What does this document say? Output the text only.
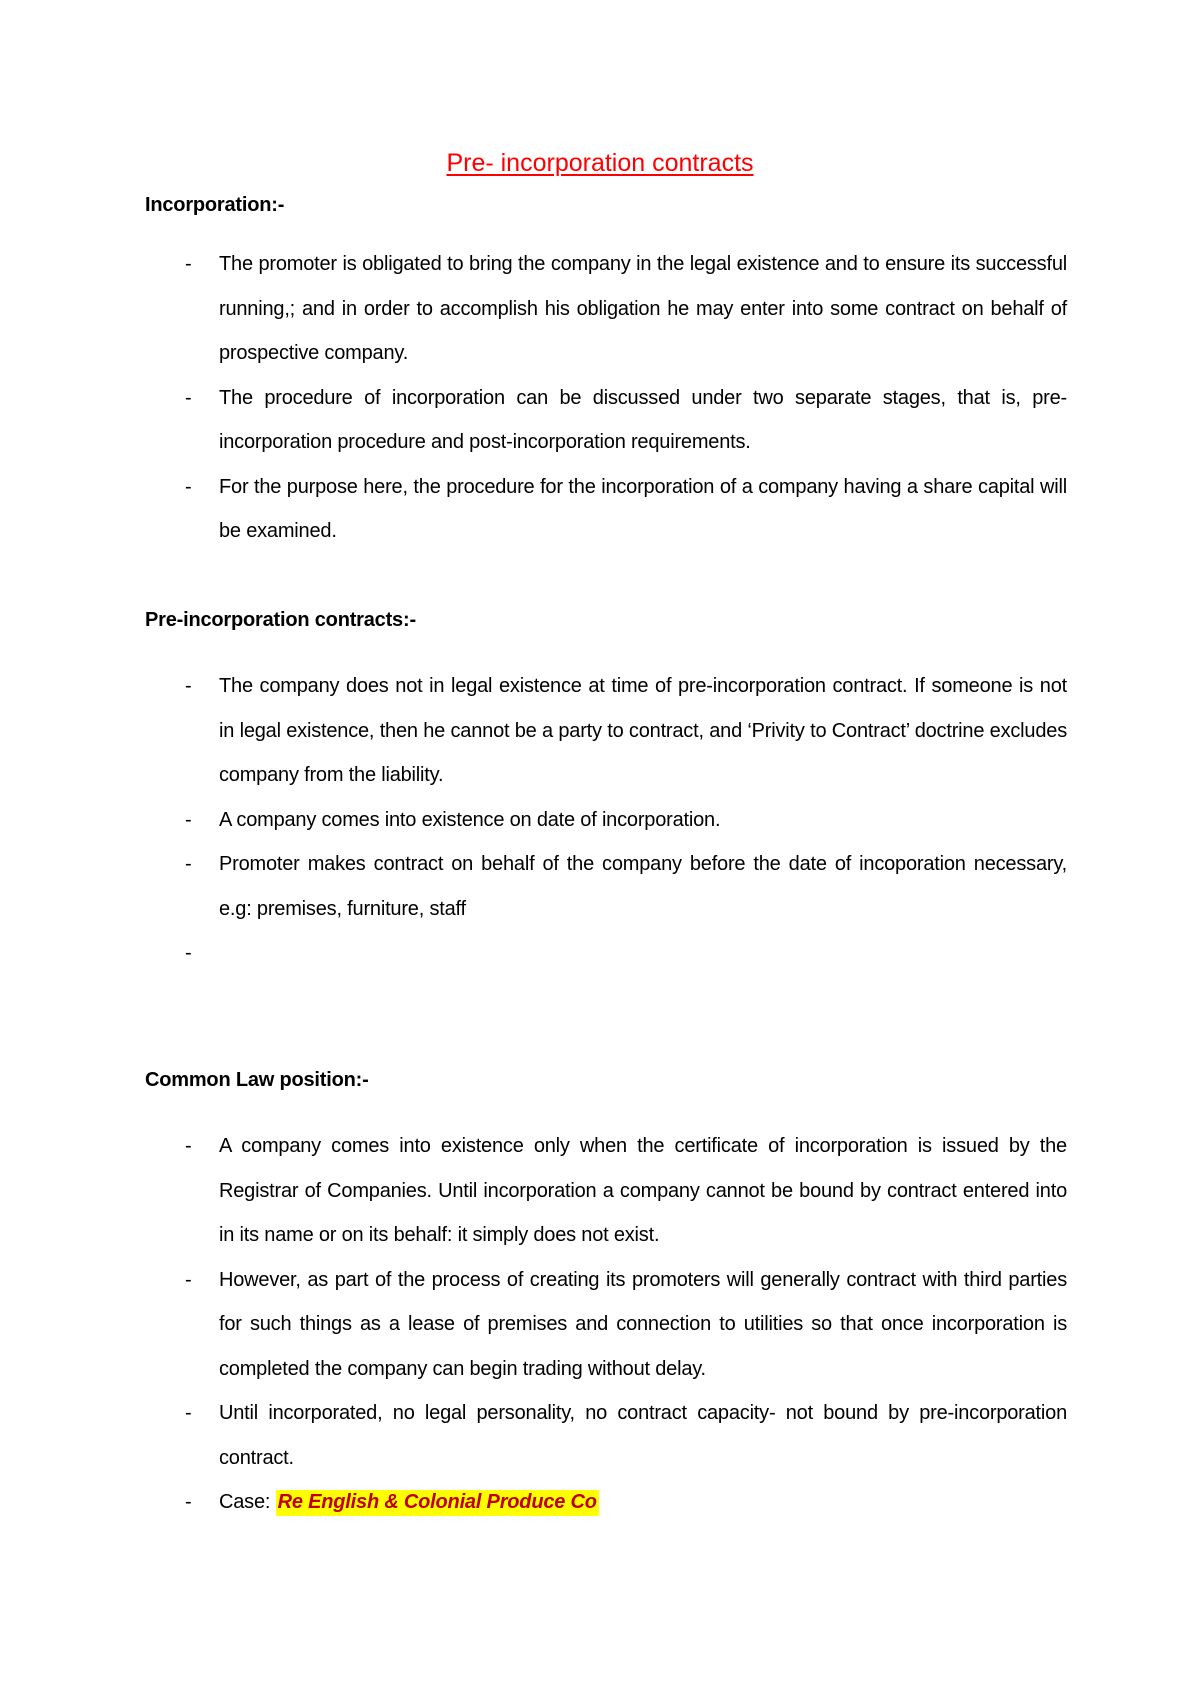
Pre- incorporation contracts
Incorporation:-
- The promoter is obligated to bring the company in the legal existence and to ensure its successful running,; and in order to accomplish his obligation he may enter into some contract on behalf of prospective company.
- The procedure of incorporation can be discussed under two separate stages, that is, pre-incorporation procedure and post-incorporation requirements.
- For the purpose here, the procedure for the incorporation of a company having a share capital will be examined.
Pre-incorporation contracts:-
- The company does not in legal existence at time of pre-incorporation contract. If someone is not in legal existence, then he cannot be a party to contract, and ‘Privity to Contract’ doctrine excludes company from the liability.
- A company comes into existence on date of incorporation.
- Promoter makes contract on behalf of the company before the date of incoporation necessary, e.g: premises, furniture, staff
-
Common Law position:-
- A company comes into existence only when the certificate of incorporation is issued by the Registrar of Companies. Until incorporation a company cannot be bound by contract entered into in its name or on its behalf: it simply does not exist.
- However, as part of the process of creating its promoters will generally contract with third parties for such things as a lease of premises and connection to utilities so that once incorporation is completed the company can begin trading without delay.
- Until incorporated, no legal personality, no contract capacity- not bound by pre-incorporation contract.
- Case: Re English & Colonial Produce Co
